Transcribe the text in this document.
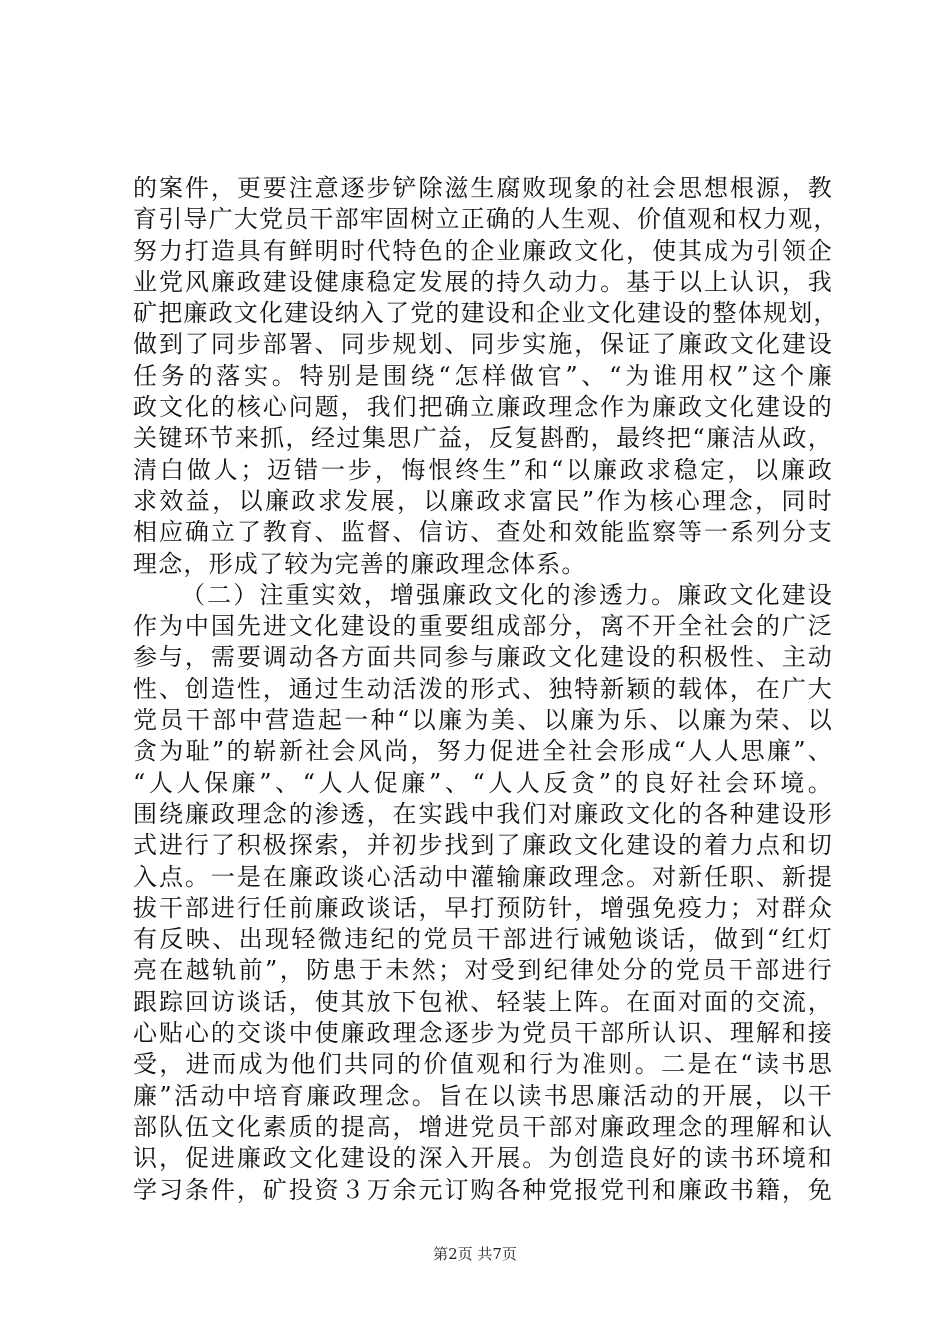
的案件，更要注意逐步铲除滋生腐败现象的社会思想根源，教
育引导广大党员干部牢固树立正确的人生观、价值观和权力观，
努力打造具有鲜明时代特色的企业廉政文化，使其成为引领企
业党风廉政建设健康稳定发展的持久动力。基于以上认识，我
矿把廉政文化建设纳入了党的建设和企业文化建设的整体规划，
做到了同步部署、同步规划、同步实施，保证了廉政文化建设
任务的落实。特别是围绕“怎样做官”、“为谁用权”这个廉
政文化的核心问题，我们把确立廉政理念作为廉政文化建设的
关键环节来抓，经过集思广益，反复斟酌，最终把“廉洁从政，
清白做人；迈错一步，悔恨终生”和“以廉政求稳定，以廉政
求效益，以廉政求发展，以廉政求富民”作为核心理念，同时
相应确立了教育、监督、信访、查处和效能监察等一系列分支
理念，形成了较为完善的廉政理念体系。
（二）注重实效，增强廉政文化的渗透力。廉政文化建设
作为中国先进文化建设的重要组成部分，离不开全社会的广泛
参与，需要调动各方面共同参与廉政文化建设的积极性、主动
性、创造性，通过生动活泼的形式、独特新颖的载体，在广大
党员干部中营造起一种“以廉为美、以廉为乐、以廉为荣、以
贪为耻”的崭新社会风尚，努力促进全社会形成“人人思廉”、
“人人保廉”、“人人促廉”、“人人反贪”的良好社会环境。
围绕廉政理念的渗透，在实践中我们对廉政文化的各种建设形
式进行了积极探索，并初步找到了廉政文化建设的着力点和切
入点。一是在廉政谈心活动中灌输廉政理念。对新任职、新提
拔干部进行任前廉政谈话，早打预防针，增强免疫力；对群众
有反映、出现轻微违纪的党员干部进行诫勉谈话，做到“红灯
亮在越轨前”，防患于未然；对受到纪律处分的党员干部进行
跟踪回访谈话，使其放下包袱、轻装上阵。在面对面的交流，
心贴心的交谈中使廉政理念逐步为党员干部所认识、理解和接
受，进而成为他们共同的价值观和行为准则。二是在“读书思
廉”活动中培育廉政理念。旨在以读书思廉活动的开展，以干
部队伍文化素质的提高，增进党员干部对廉政理念的理解和认
识，促进廉政文化建设的深入开展。为创造良好的读书环境和
学习条件，矿投资３万余元订购各种党报党刊和廉政书籍，免
第2页 共7页
